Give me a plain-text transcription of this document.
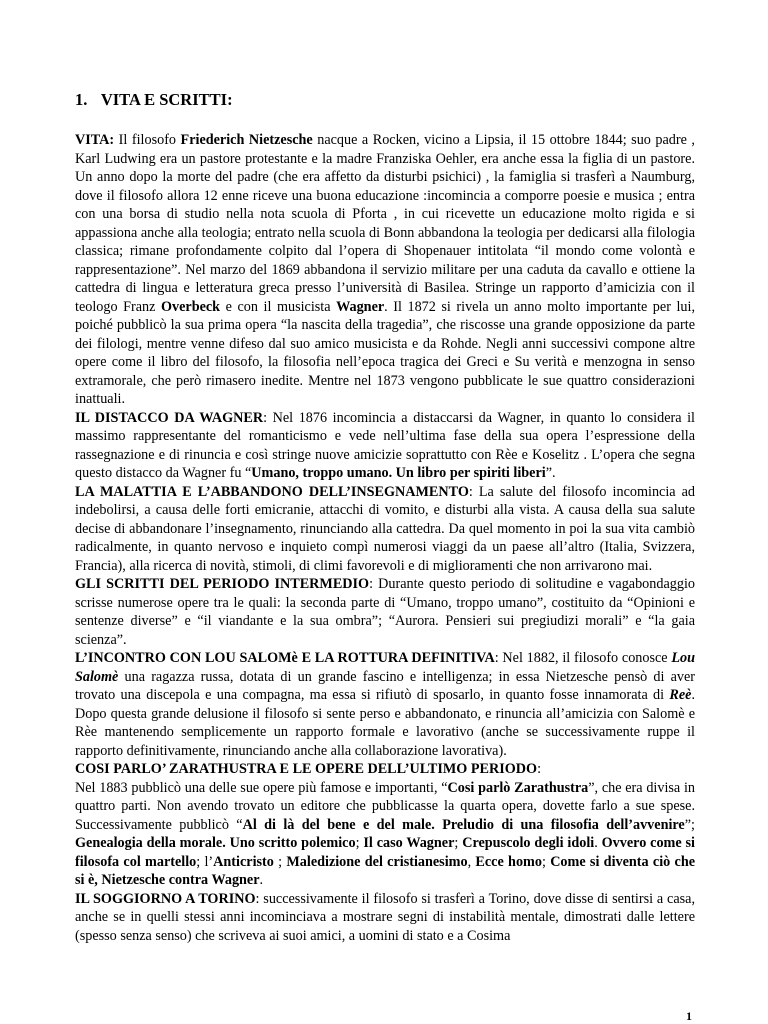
1. VITA E SCRITTI:

VITA: Il filosofo Friederich Nietzesche nacque a Rocken, vicino a Lipsia, il 15 ottobre 1844; suo padre , Karl Ludwing era un pastore protestante e la madre Franziska Oehler, era anche essa la figlia di un pastore. Un anno dopo la morte del padre (che era affetto da disturbi psichici) , la famiglia si trasferì a Naumburg, dove il filosofo allora 12 enne riceve una buona educazione :incomincia a comporre poesie e musica ; entra con una borsa di studio nella nota scuola di Pforta , in cui ricevette un educazione molto rigida e si appassiona anche alla teologia; entrato nella scuola di Bonn abbandona la teologia per dedicarsi alla filologia classica; rimane profondamente colpito dal l’opera di Shopenauer intitolata “il mondo come volontà e rappresentazione”. Nel marzo del 1869 abbandona il servizio militare per una caduta da cavallo e ottiene la cattedra di lingua e letteratura greca presso l’università di Basilea. Stringe un rapporto d’amicizia con il teologo Franz Overbeck e con il musicista Wagner. Il 1872 si rivela un anno molto importante per lui, poiché pubblicò la sua prima opera “la nascita della tragedia”, che riscosse una grande opposizione da parte dei filologi, mentre venne difeso dal suo amico musicista e da Rohde. Negli anni successivi compone altre opere come il libro del filosofo, la filosofia nell’epoca tragica dei Greci e Su verità e menzogna in senso extramorale, che però rimasero inedite. Mentre nel 1873 vengono pubblicate le sue quattro considerazioni inattuali.

IL DISTACCO DA WAGNER: Nel 1876 incomincia a distaccarsi da Wagner, in quanto lo considera il massimo rappresentante del romanticismo e vede nell’ultima fase della sua opera l’espressione della rassegnazione e di rinuncia e così stringe nuove amicizie soprattutto con Rèe e Koselitz . L’opera che segna questo distacco da Wagner fu “Umano, troppo umano. Un libro per spiriti liberi”.

LA MALATTIA E L’ABBANDONO DELL’INSEGNAMENTO: La salute del filosofo incomincia ad indebolirsi, a causa delle forti emicranie, attacchi di vomito, e disturbi alla vista. A causa della sua salute decise di abbandonare l’insegnamento, rinunciando alla cattedra. Da quel momento in poi la sua vita cambiò radicalmente, in quanto nervoso e inquieto compì numerosi viaggi da un paese all’altro (Italia, Svizzera, Francia), alla ricerca di novità, stimoli, di climi favorevoli e di miglioramenti che non arrivarono mai.

GLI SCRITTI DEL PERIODO INTERMEDIO: Durante questo periodo di solitudine e vagabondaggio scrisse numerose opere tra le quali: la seconda parte di “Umano, troppo umano”, costituito da “Opinioni e sentenze diverse” e “il viandante e la sua ombra”; “Aurora. Pensieri sui pregiudizi morali” e “la gaia scienza”.

L’INCONTRO CON LOU SALOMè E LA ROTTURA DEFINITIVA: Nel 1882, il filosofo conosce Lou Salomè una ragazza russa, dotata di un grande fascino e intelligenza; in essa Nietzesche pensò di aver trovato una discepola e una compagna, ma essa si rifiutò di sposarlo, in quanto fosse innamorata di Reè. Dopo questa grande delusione il filosofo si sente perso e abbandonato, e rinuncia all’amicizia con Salomè e Rèe mantenendo semplicemente un rapporto formale e lavorativo (anche se successivamente ruppe il rapporto definitivamente, rinunciando anche alla collaborazione lavorativa).

COSI PARLO’ ZARATHUSTRA E LE OPERE DELL’ULTIMO PERIODO:

Nel 1883 pubblicò una delle sue opere più famose e importanti, “Cosi parlò Zarathustra”, che era divisa in quattro parti. Non avendo trovato un editore che pubblicasse la quarta opera, dovette farlo a sue spese. Successivamente pubblicò “Al di là del bene e del male. Preludio di una filosofia dell’avvenire”; Genealogia della morale. Uno scritto polemico; Il caso Wagner; Crepuscolo degli idoli. Ovvero come si filosofa col martello; l’Anticristo ; Maledizione del cristianesimo, Ecce homo; Come si diventa ciò che si è, Nietzesche contra Wagner.

IL SOGGIORNO A TORINO: successivamente il filosofo si trasferì a Torino, dove disse di sentirsi a casa, anche se in quelli stessi anni incominciava a mostrare segni di instabilità mentale, dimostrati dalle lettere (spesso senza senso) che scriveva ai suoi amici, a uomini di stato e a Cosima

1
